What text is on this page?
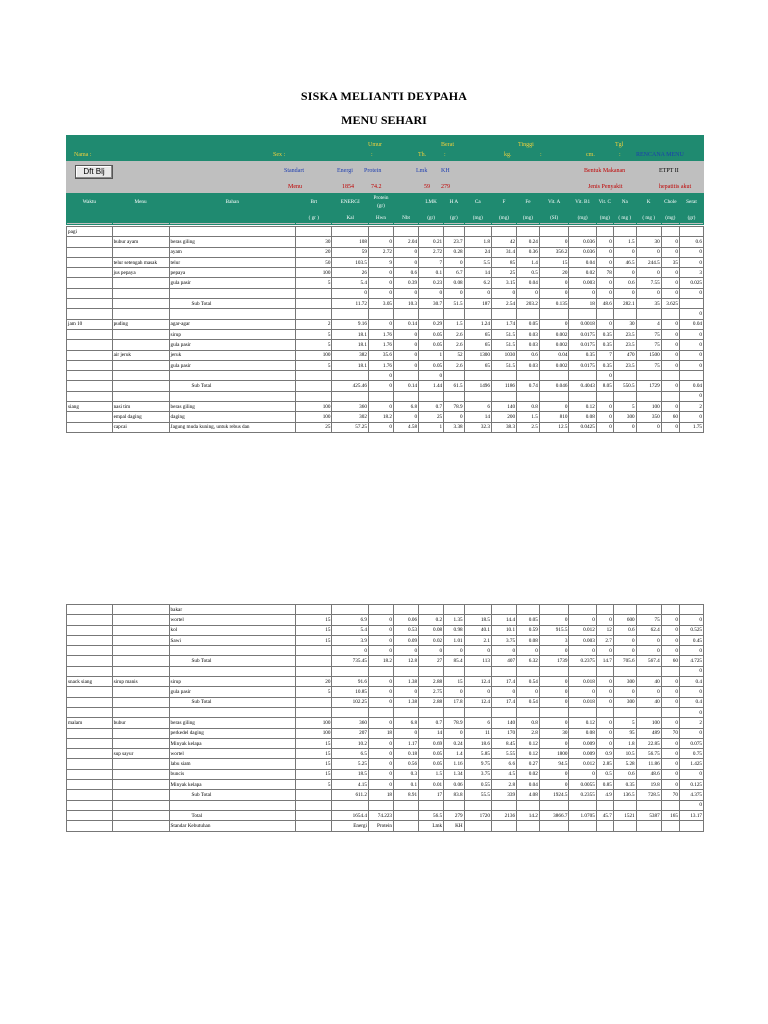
SISKA MELIANTI DEYPAHA
MENU SEHARI
Umur	Berat	Tinggi	Tgl
Nama :	Sex :	:	Th.	:	kg.	:	cm.	:	RENCANA MENU
Dft Blj	Standart	Energi Protein	Lmk KH	Bentuk Makanan	ETPT II
Menu	1854	74.2	59 279	Jenis Penyakit	hepatitis akut
Waktu	Menu	Bahan	Brt	ENERGI	Protein (gr)		LMK	H A	Ca	F	Fe	Vit. A	Vit. B1	Vit. C	Na	K	Chole	Serat
			( gr )	Kal	Hwn	Nbt	(gr)	(gr)	(mg)	(mg)	(mg)	(SI)	(mg)	(mg)	( mg )	( mg )	(mg)	(gr)
pagi																		
	bubur ayam	beras giling	30	108	0	2.04	0.21	23.7	1.8	42	0.24	0	0.036	0	1.5	30	0	0.6
		ayam	20	59	2.72	0	2.72	0.28	24	31.4	0.36	356.2	0.036	0	0	0	0	0
	telur setengah masak	telur	50	103.5	9	0	7	0	5.5	85	1.4	15	0.04	0	46.5	244.5	35	0
	jus pepaya	pepaya	100	26	0	0.6	0.1	6.7	14	25	0.5	20	0.02	78	0	0	0	3
		gula pasir	5	5.4	0	0.39	0.23	0.08	6.2	3.15	0.04	0	0.003	0	0.6	7.55	0	0.025
				0	0	0	0	0	0	0	0	0	0	0	0	0	0	0
		Sub Total		11.72	3.05	10.3	30.7	51.5	187	2.54	203.2	0.135	18	48.6	282.1	35	3.625	
																		0
jam 10	puding	agar-agar	2	9.16	0	0.14	0.29	1.5	1.24	1.74	0.05	0	0.0018	0	30	4	0	0.04
		sirup	5	18.1	1.76	0	0.05	2.6	65	51.5	0.03	0.002	0.0175	0.35	23.5	75	0	0
		gula pasir	5	18.1	1.76	0	0.05	2.6	65	51.5	0.03	0.002	0.0175	0.35	23.5	75	0	0
	air jeruk	jeruk	100	382	35.6	0	1	52	1300	1030	0.6	0.04	0.35	7	470	1500	0	0
		gula pasir	5	18.1	1.76	0	0.05	2.6	65	51.5	0.03	0.002	0.0175	0.35	23.5	75	0	0
					0		0							0				
		Sub Total		425.46	0	0.14	1.44	61.5	1496	1186	0.74	0.046	0.4043	8.05	550.5	1729	0	0.04
																		0
siang	nasi tim	beras giling	100	360	0	6.8	0.7	78.9	6	140	0.8	0	0.12	0	5	100	0	2
	empal daging	daging	100	302	18.2	0	25	0	14	200	1.5	810	0.08	0	300	350	60	0
	capcai	Jagung muda kuning, untuk rebus dan	25	57.25	0	4.58	1	3.38	32.3	38.3	2.5	12.5	0.0425	0	0	0	0	1.75
		bakar																
		wortel	15	6.9	0	0.06	0.2	1.35	18.5	14.4	0.05	0	0	0	600	75	0	0
		kol	15	5.4	0	0.53	0.08	0.98	40.1	10.1	0.59	915.5	0.012	12	0.6	62.4	0	0.525
		Sawi	15	3.9	0	0.09	0.02	1.01	2.1	3.75	0.08	3	0.003	2.7	0	0	0	0.45
				0	0	0	0	0	0	0	0	0	0	0	0	0	0	0
		Sub Total		735.45	18.2	12.8	27	85.4	113	407	6.32	1739	0.2375	14.7	705.6	567.4	60	4.725
																		0
snack siang	sirup manis	sirup	20	91.6	0	1.38	2.88	15	12.4	17.4	0.54	0	0.018	0	300	40	0	0.4
		gula pasir	5	10.85	0	0	2.75	0	0	0	0	0	0	0	0	0	0	0
		Sub Total		102.25	0	1.38	2.88	17.8	12.4	17.4	0.54	0	0.018	0	300	40	0	0.4
																		0
malam	bubur	beras giling	100	360	0	6.8	0.7	78.9	6	140	0.8	0	0.12	0	5	100	0	2
		perkedel daging	100	207	18	0	14	0	11	170	2.8	30	0.08	0	95	489	70	0
		Minyak kelapa	15	10.2	0	1.17	0.69	0.24	18.6	8.45	0.12	0	0.009	0	1.8	22.85	0	0.075
	sup sayur	wortel	15	6.5	0	0.18	0.05	1.4	5.85	5.55	0.12	1800	0.009	0.9	10.5	56.75	0	0.75
		labu siam	15	5.25	0	0.56	0.05	1.16	9.75	6.6	0.27	94.5	0.012	2.85	5.28	11.86	0	1.425
		buncis	15	18.5	0	0.3	1.5	1.34	3.75	4.5	0.02	0	0	0.5	0.6	48.6	0	0
		Minyak kelapa	5	4.15	0	0.1	0.01	0.06	0.55	2.8	0.04	0	0.0055	0.85	0.35	19.8	0	0.125
		Sub Total		611.2	18	8.91	17	83.8	55.5	339	4.08	1924.5	0.2355	4.9	136.5	728.5	70	4.375
																		0
		Total		1654.4	74.223		56.5	279	1720	2136	14.2	3866.7	1.0705	45.7	1521	5387	165	13.17
		Standar Kebutuhan		Energi	Protein		Lmk	KH										
